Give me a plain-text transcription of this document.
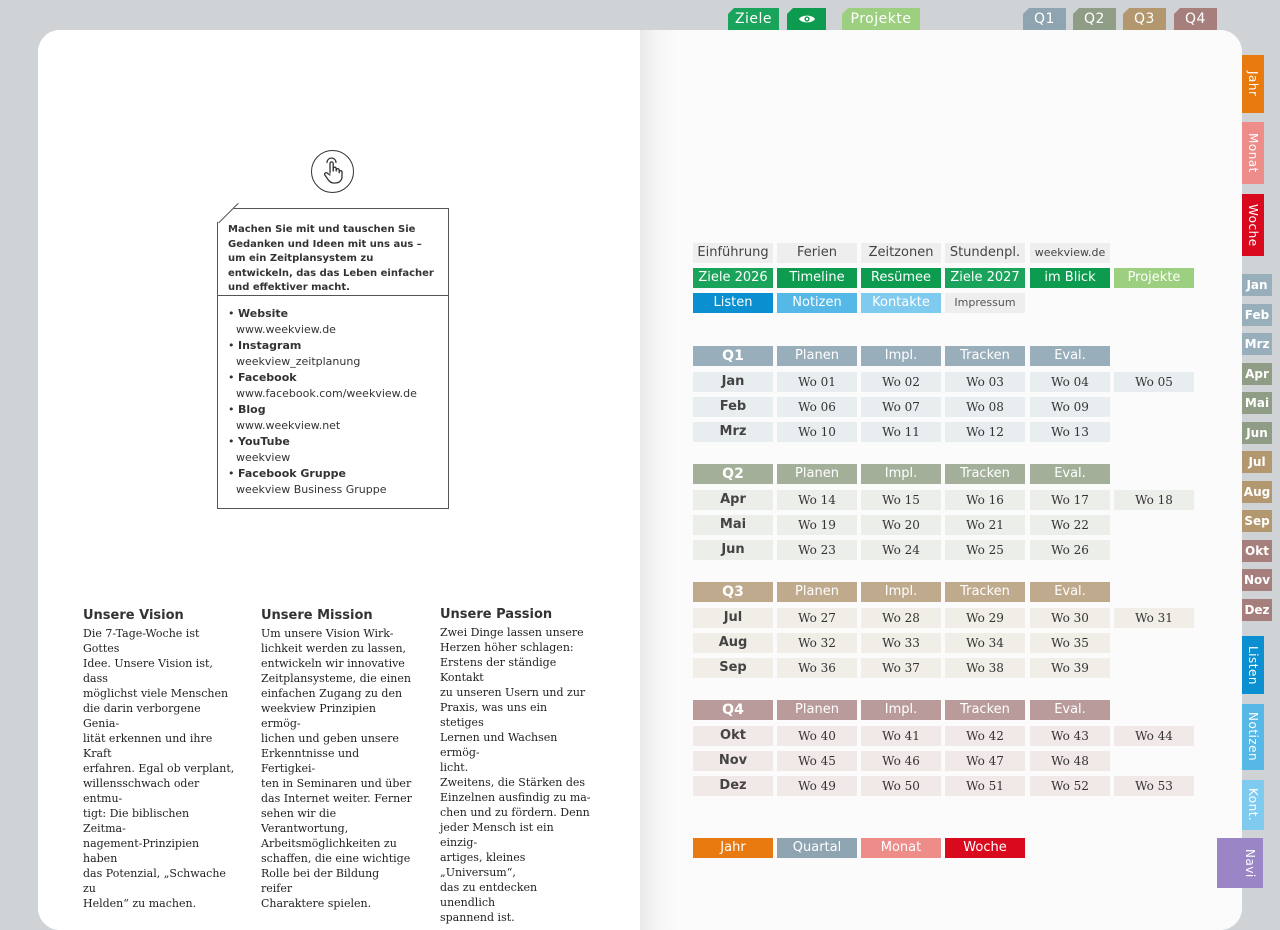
Machen Sie mit und tauschen Sie Gedanken und Ideen mit uns aus – um ein Zeitplansystem zu entwickeln, das das Leben einfacher und effektiver macht.
• Website
www.weekview.de
• Instagram
weekview_zeitplanung
• Facebook
www.facebook.com/weekview.de
• Blog
www.weekview.net
• YouTube
weekview
• Facebook Gruppe
weekview Business Gruppe
Unsere Vision

Die 7-Tage-Woche ist Gottes
Idee. Unsere Vision ist, dass
möglichst viele Menschen
die darin verborgene Genia-
lität erkennen und ihre Kraft
erfahren. Egal ob verplant,
willensschwach oder entmu-
tigt: Die biblischen Zeitma-
nagement-Prinzipien haben
das Potenzial, „Schwache zu
Helden“ zu machen.

Unsere Mission

Um unsere Vision Wirk-
lichkeit werden zu lassen,
entwickeln wir innovative
Zeitplansysteme, die einen
einfachen Zugang zu den
weekview Prinzipien ermög-
lichen und geben unsere
Erkenntnisse und Fertigkei-
ten in Seminaren und über
das Internet weiter. Ferner
sehen wir die Verantwortung,
Arbeitsmöglichkeiten zu
schaffen, die eine wichtige
Rolle bei der Bildung reifer
Charaktere spielen.

Unsere Passion

Zwei Dinge lassen unsere
Herzen höher schlagen:
Erstens der ständige Kontakt
zu unseren Usern und zur
Praxis, was uns ein stetiges
Lernen und Wachsen ermög-
licht.
Zweitens, die Stärken des
Einzelnen ausfindig zu ma-
chen und zu fördern. Denn
jeder Mensch ist ein einzig-
artiges, kleines „Universum“,
das zu entdecken unendlich
spannend ist.

Ziele	Projekte	Q1	Q2	Q3	Q4
Jahr
Monat
Woche
Jan
Feb
Mrz
Apr
Mai
Jun
Jul
Aug
Sep
Okt
Nov
Dez
Listen
Notizen
Kont.
Navi
Einführung	Ferien	Zeitzonen	Stundenpl.	weekview.de
Ziele 2026	Timeline	Resümee	Ziele 2027	im Blick	Projekte
Listen	Notizen	Kontakte	Impressum
Q1	Planen	Impl.	Tracken	Eval.
Jan	Wo 01	Wo 02	Wo 03	Wo 04	Wo 05
Feb	Wo 06	Wo 07	Wo 08	Wo 09
Mrz	Wo 10	Wo 11	Wo 12	Wo 13
Q2	Planen	Impl.	Tracken	Eval.
Apr	Wo 14	Wo 15	Wo 16	Wo 17	Wo 18
Mai	Wo 19	Wo 20	Wo 21	Wo 22
Jun	Wo 23	Wo 24	Wo 25	Wo 26
Q3	Planen	Impl.	Tracken	Eval.
Jul	Wo 27	Wo 28	Wo 29	Wo 30	Wo 31
Aug	Wo 32	Wo 33	Wo 34	Wo 35
Sep	Wo 36	Wo 37	Wo 38	Wo 39
Q4	Planen	Impl.	Tracken	Eval.
Okt	Wo 40	Wo 41	Wo 42	Wo 43	Wo 44
Nov	Wo 45	Wo 46	Wo 47	Wo 48
Dez	Wo 49	Wo 50	Wo 51	Wo 52	Wo 53
Jahr	Quartal	Monat	Woche
